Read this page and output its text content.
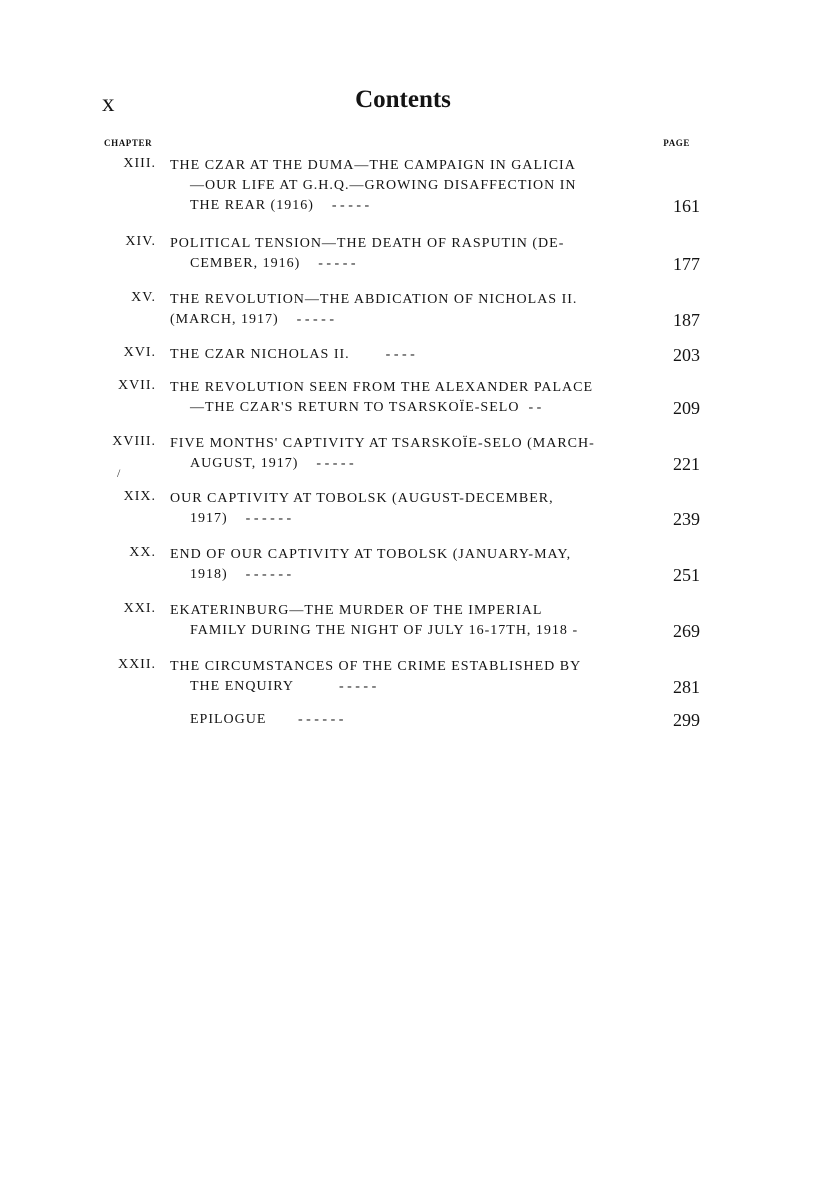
x	Contents
CHAPTER	PAGE
XIII. THE CZAR AT THE DUMA—THE CAMPAIGN IN GALICIA
—OUR LIFE AT G.H.Q.—GROWING DISAFFECTION IN
THE REAR (1916) - - - - -	161
XIV. POLITICAL TENSION—THE DEATH OF RASPUTIN (DE-
CEMBER, 1916) - - - - -	177
XV. THE REVOLUTION—THE ABDICATION OF NICHOLAS II.
(MARCH, 1917) - - - - -	187
XVI. THE CZAR NICHOLAS II.	- - - -	203
XVII. THE REVOLUTION SEEN FROM THE ALEXANDER PALACE
—THE CZAR'S RETURN TO TSARSKOÏE-SELO - -	209
XVIII. FIVE MONTHS' CAPTIVITY AT TSARSKOÏE-SELO (MARCH-
AUGUST, 1917) - - - - -	221
/
XIX. OUR CAPTIVITY AT TOBOLSK (AUGUST-DECEMBER,
1917) - - - - - -	239
XX. END OF OUR CAPTIVITY AT TOBOLSK (JANUARY-MAY,
1918) - - - - - -	251
XXI. EKATERINBURG—THE MURDER OF THE IMPERIAL
FAMILY DURING THE NIGHT OF JULY 16-17TH, 1918 -	269
XXII. THE CIRCUMSTANCES OF THE CRIME ESTABLISHED BY
THE ENQUIRY	- - - - -	281
EPILOGUE - - - - - -	299
